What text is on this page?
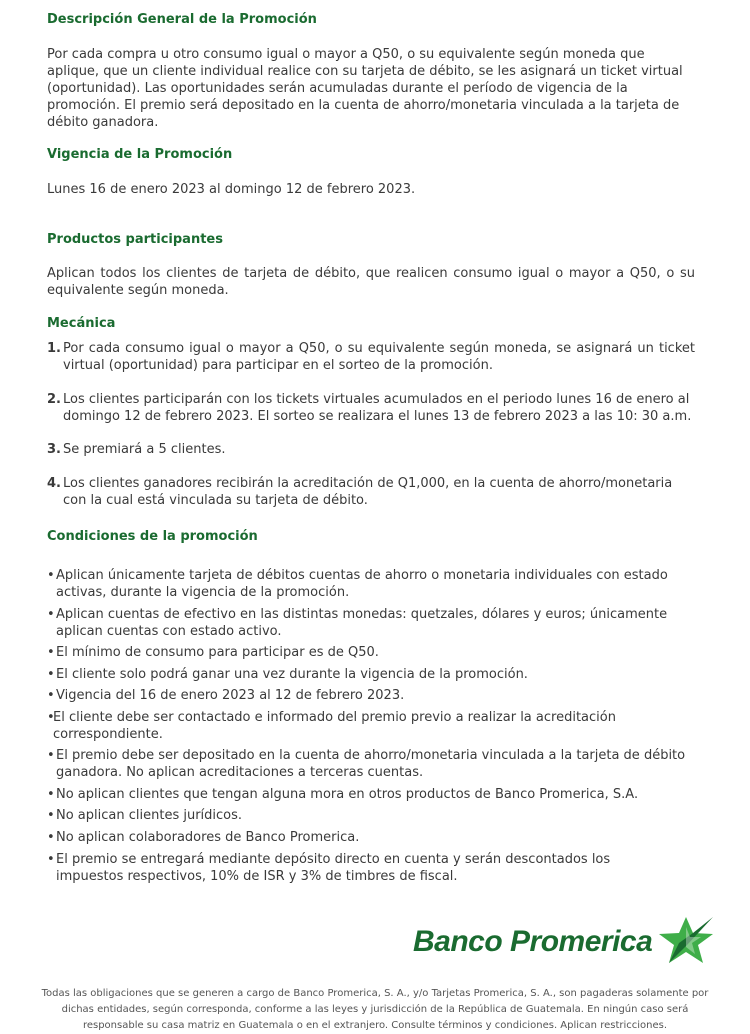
Descripción General de la Promoción
Por cada compra u otro consumo igual o mayor a Q50, o su equivalente según moneda que aplique, que un cliente individual realice con su tarjeta de débito, se les asignará un ticket virtual (oportunidad). Las oportunidades serán acumuladas durante el período de vigencia de la promoción. El premio será depositado en la cuenta de ahorro/monetaria vinculada a la tarjeta de débito ganadora.
Vigencia de la Promoción
Lunes 16 de enero 2023 al domingo 12 de febrero 2023.
Productos participantes
Aplican todos los clientes de tarjeta de débito, que realicen consumo igual o mayor a Q50, o su equivalente según moneda.
Mecánica
1. Por cada consumo igual o mayor a Q50, o su equivalente según moneda, se asignará un ticket virtual (oportunidad) para participar en el sorteo de la promoción.
2. Los clientes participarán con los tickets virtuales acumulados en el periodo lunes 16 de enero al domingo 12 de febrero 2023. El sorteo se realizara el lunes 13 de febrero 2023 a las 10: 30 a.m.
3. Se premiará a 5 clientes.
4. Los clientes ganadores recibirán la acreditación de Q1,000, en la cuenta de ahorro/monetaria con la cual está vinculada su tarjeta de débito.
Condiciones de la promoción
• Aplican únicamente tarjeta de débitos cuentas de ahorro o monetaria individuales con estado activas, durante la vigencia de la promoción.
• Aplican cuentas de efectivo en las distintas monedas: quetzales, dólares y euros; únicamente aplican cuentas con estado activo.
• El mínimo de consumo para participar es de Q50.
• El cliente solo podrá ganar una vez durante la vigencia de la promoción.
• Vigencia del 16 de enero 2023 al 12 de febrero 2023.
•
El cliente debe ser contactado e informado del premio previo a realizar la acreditación correspondiente.
• El premio debe ser depositado en la cuenta de ahorro/monetaria vinculada a la tarjeta de débito ganadora. No aplican acreditaciones a terceras cuentas.
• No aplican clientes que tengan alguna mora en otros productos de Banco Promerica, S.A.
• No aplican clientes jurídicos.
• No aplican colaboradores de Banco Promerica.
• El premio se entregará mediante depósito directo en cuenta y serán descontados los impuestos respectivos, 10% de ISR y 3% de timbres de fiscal.
Banco Promerica
Todas las obligaciones que se generen a cargo de Banco Promerica, S. A., y/o Tarjetas Promerica, S. A., son pagaderas solamente por dichas entidades, según corresponda, conforme a las leyes y jurisdicción de la República de Guatemala. En ningún caso será responsable su casa matriz en Guatemala o en el extranjero. Consulte términos y condiciones. Aplican restricciones.
